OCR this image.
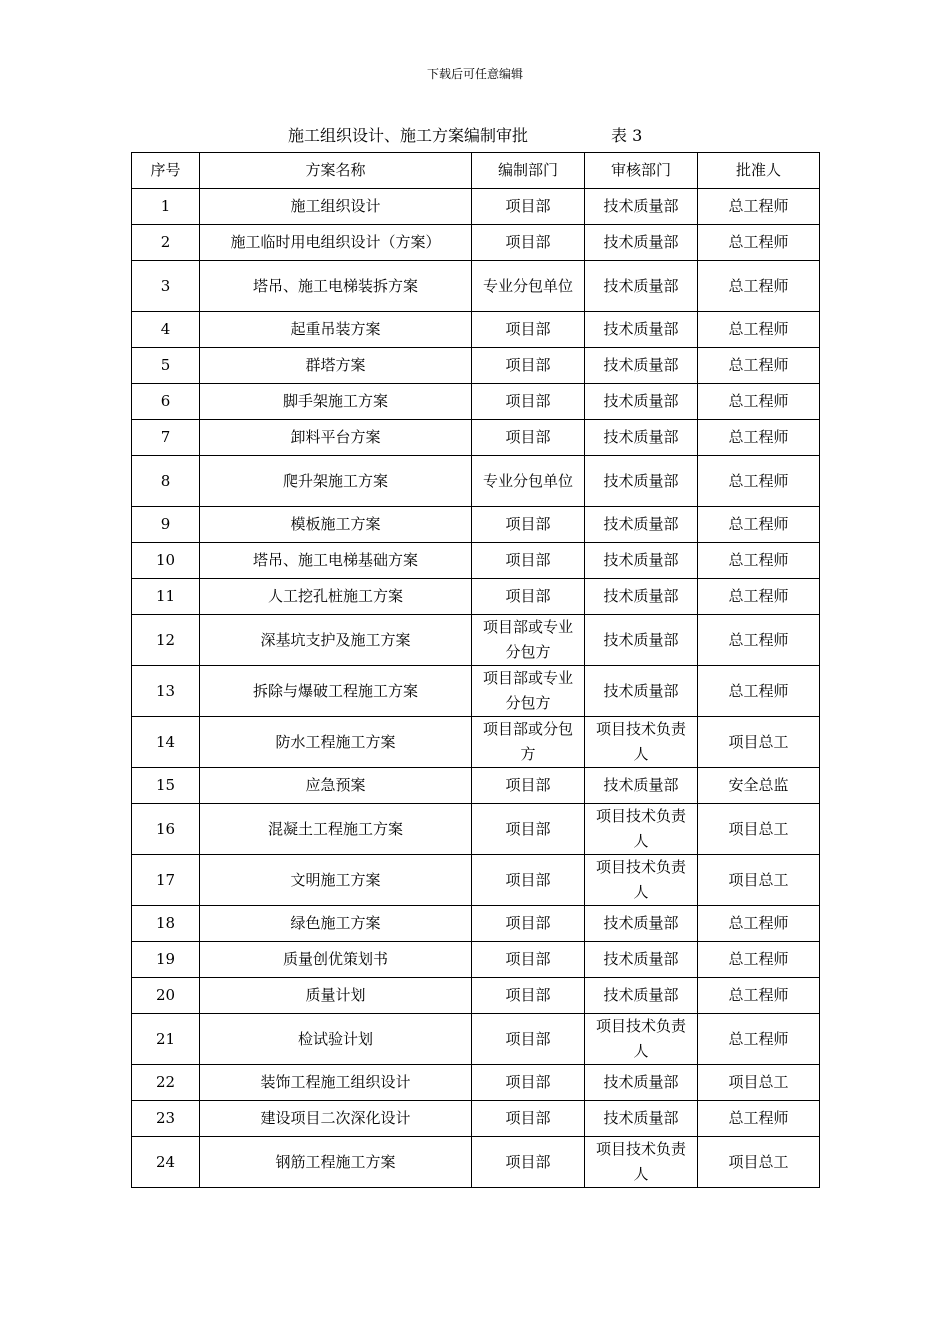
下载后可任意编辑
施工组织设计、施工方案编制审批	表 3
序号	方案名称	编制部门	审核部门	批准人
1	施工组织设计	项目部	技术质量部	总工程师
2	施工临时用电组织设计（方案）	项目部	技术质量部	总工程师
3	塔吊、施工电梯装拆方案	专业分包单位	技术质量部	总工程师
4	起重吊装方案	项目部	技术质量部	总工程师
5	群塔方案	项目部	技术质量部	总工程师
6	脚手架施工方案	项目部	技术质量部	总工程师
7	卸料平台方案	项目部	技术质量部	总工程师
8	爬升架施工方案	专业分包单位	技术质量部	总工程师
9	模板施工方案	项目部	技术质量部	总工程师
10	塔吊、施工电梯基础方案	项目部	技术质量部	总工程师
11	人工挖孔桩施工方案	项目部	技术质量部	总工程师
12	深基坑支护及施工方案	项目部或专业分包方	技术质量部	总工程师
13	拆除与爆破工程施工方案	项目部或专业分包方	技术质量部	总工程师
14	防水工程施工方案	项目部或分包方	项目技术负责人	项目总工
15	应急预案	项目部	技术质量部	安全总监
16	混凝土工程施工方案	项目部	项目技术负责人	项目总工
17	文明施工方案	项目部	项目技术负责人	项目总工
18	绿色施工方案	项目部	技术质量部	总工程师
19	质量创优策划书	项目部	技术质量部	总工程师
20	质量计划	项目部	技术质量部	总工程师
21	检试验计划	项目部	项目技术负责人	总工程师
22	装饰工程施工组织设计	项目部	技术质量部	项目总工
23	建设项目二次深化设计	项目部	技术质量部	总工程师
24	钢筋工程施工方案	项目部	项目技术负责人	项目总工
